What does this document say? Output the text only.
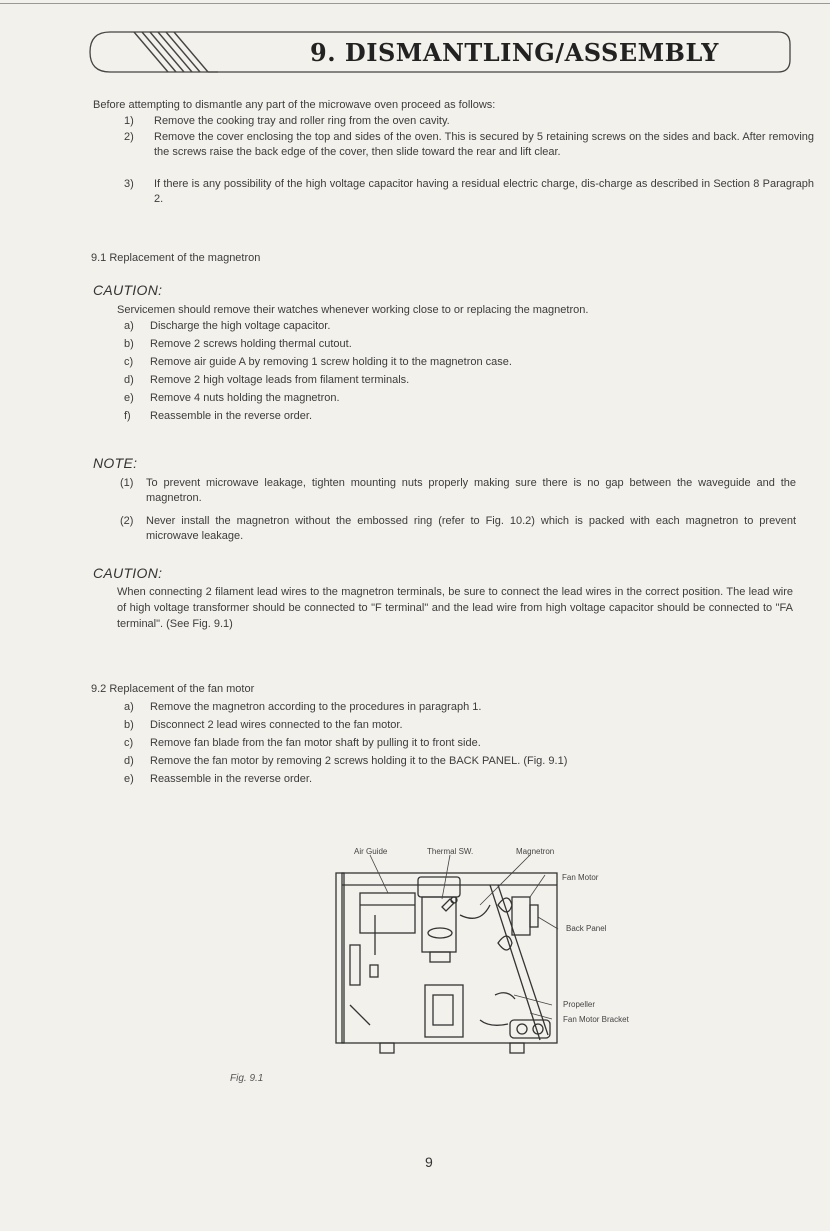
9. DISMANTLING/ASSEMBLY
Before attempting to dismantle any part of the microwave oven proceed as follows:
1) Remove the cooking tray and roller ring from the oven cavity.
2) Remove the cover enclosing the top and sides of the oven. This is secured by 5 retaining screws on the sides and back. After removing the screws raise the back edge of the cover, then slide toward the rear and lift clear.
3) If there is any possibility of the high voltage capacitor having a residual electric charge, dis-charge as described in Section 8 Paragraph 2.
9.1 Replacement of the magnetron
CAUTION:
Servicemen should remove their watches whenever working close to or replacing the magnetron.
a) Discharge the high voltage capacitor.
b) Remove 2 screws holding thermal cutout.
c) Remove air guide A by removing 1 screw holding it to the magnetron case.
d) Remove 2 high voltage leads from filament terminals.
e) Remove 4 nuts holding the magnetron.
f) Reassemble in the reverse order.
NOTE:
(1) To prevent microwave leakage, tighten mounting nuts properly making sure there is no gap between the waveguide and the magnetron.
(2) Never install the magnetron without the embossed ring (refer to Fig. 10.2) which is packed with each magnetron to prevent microwave leakage.
CAUTION:
When connecting 2 filament lead wires to the magnetron terminals, be sure to connect the lead wires in the correct position. The lead wire of high voltage transformer should be connected to "F terminal" and the lead wire from high voltage capacitor should be connected to "FA terminal". (See Fig. 9.1)
9.2 Replacement of the fan motor
a) Remove the magnetron according to the procedures in paragraph 1.
b) Disconnect 2 lead wires connected to the fan motor.
c) Remove fan blade from the fan motor shaft by pulling it to front side.
d) Remove the fan motor by removing 2 screws holding it to the BACK PANEL. (Fig. 9.1)
e) Reassemble in the reverse order.
Air Guide	Thermal SW.	Magnetron
Fan Motor
Back Panel
Propeller
Fan Motor Bracket
Fig. 9.1
9
